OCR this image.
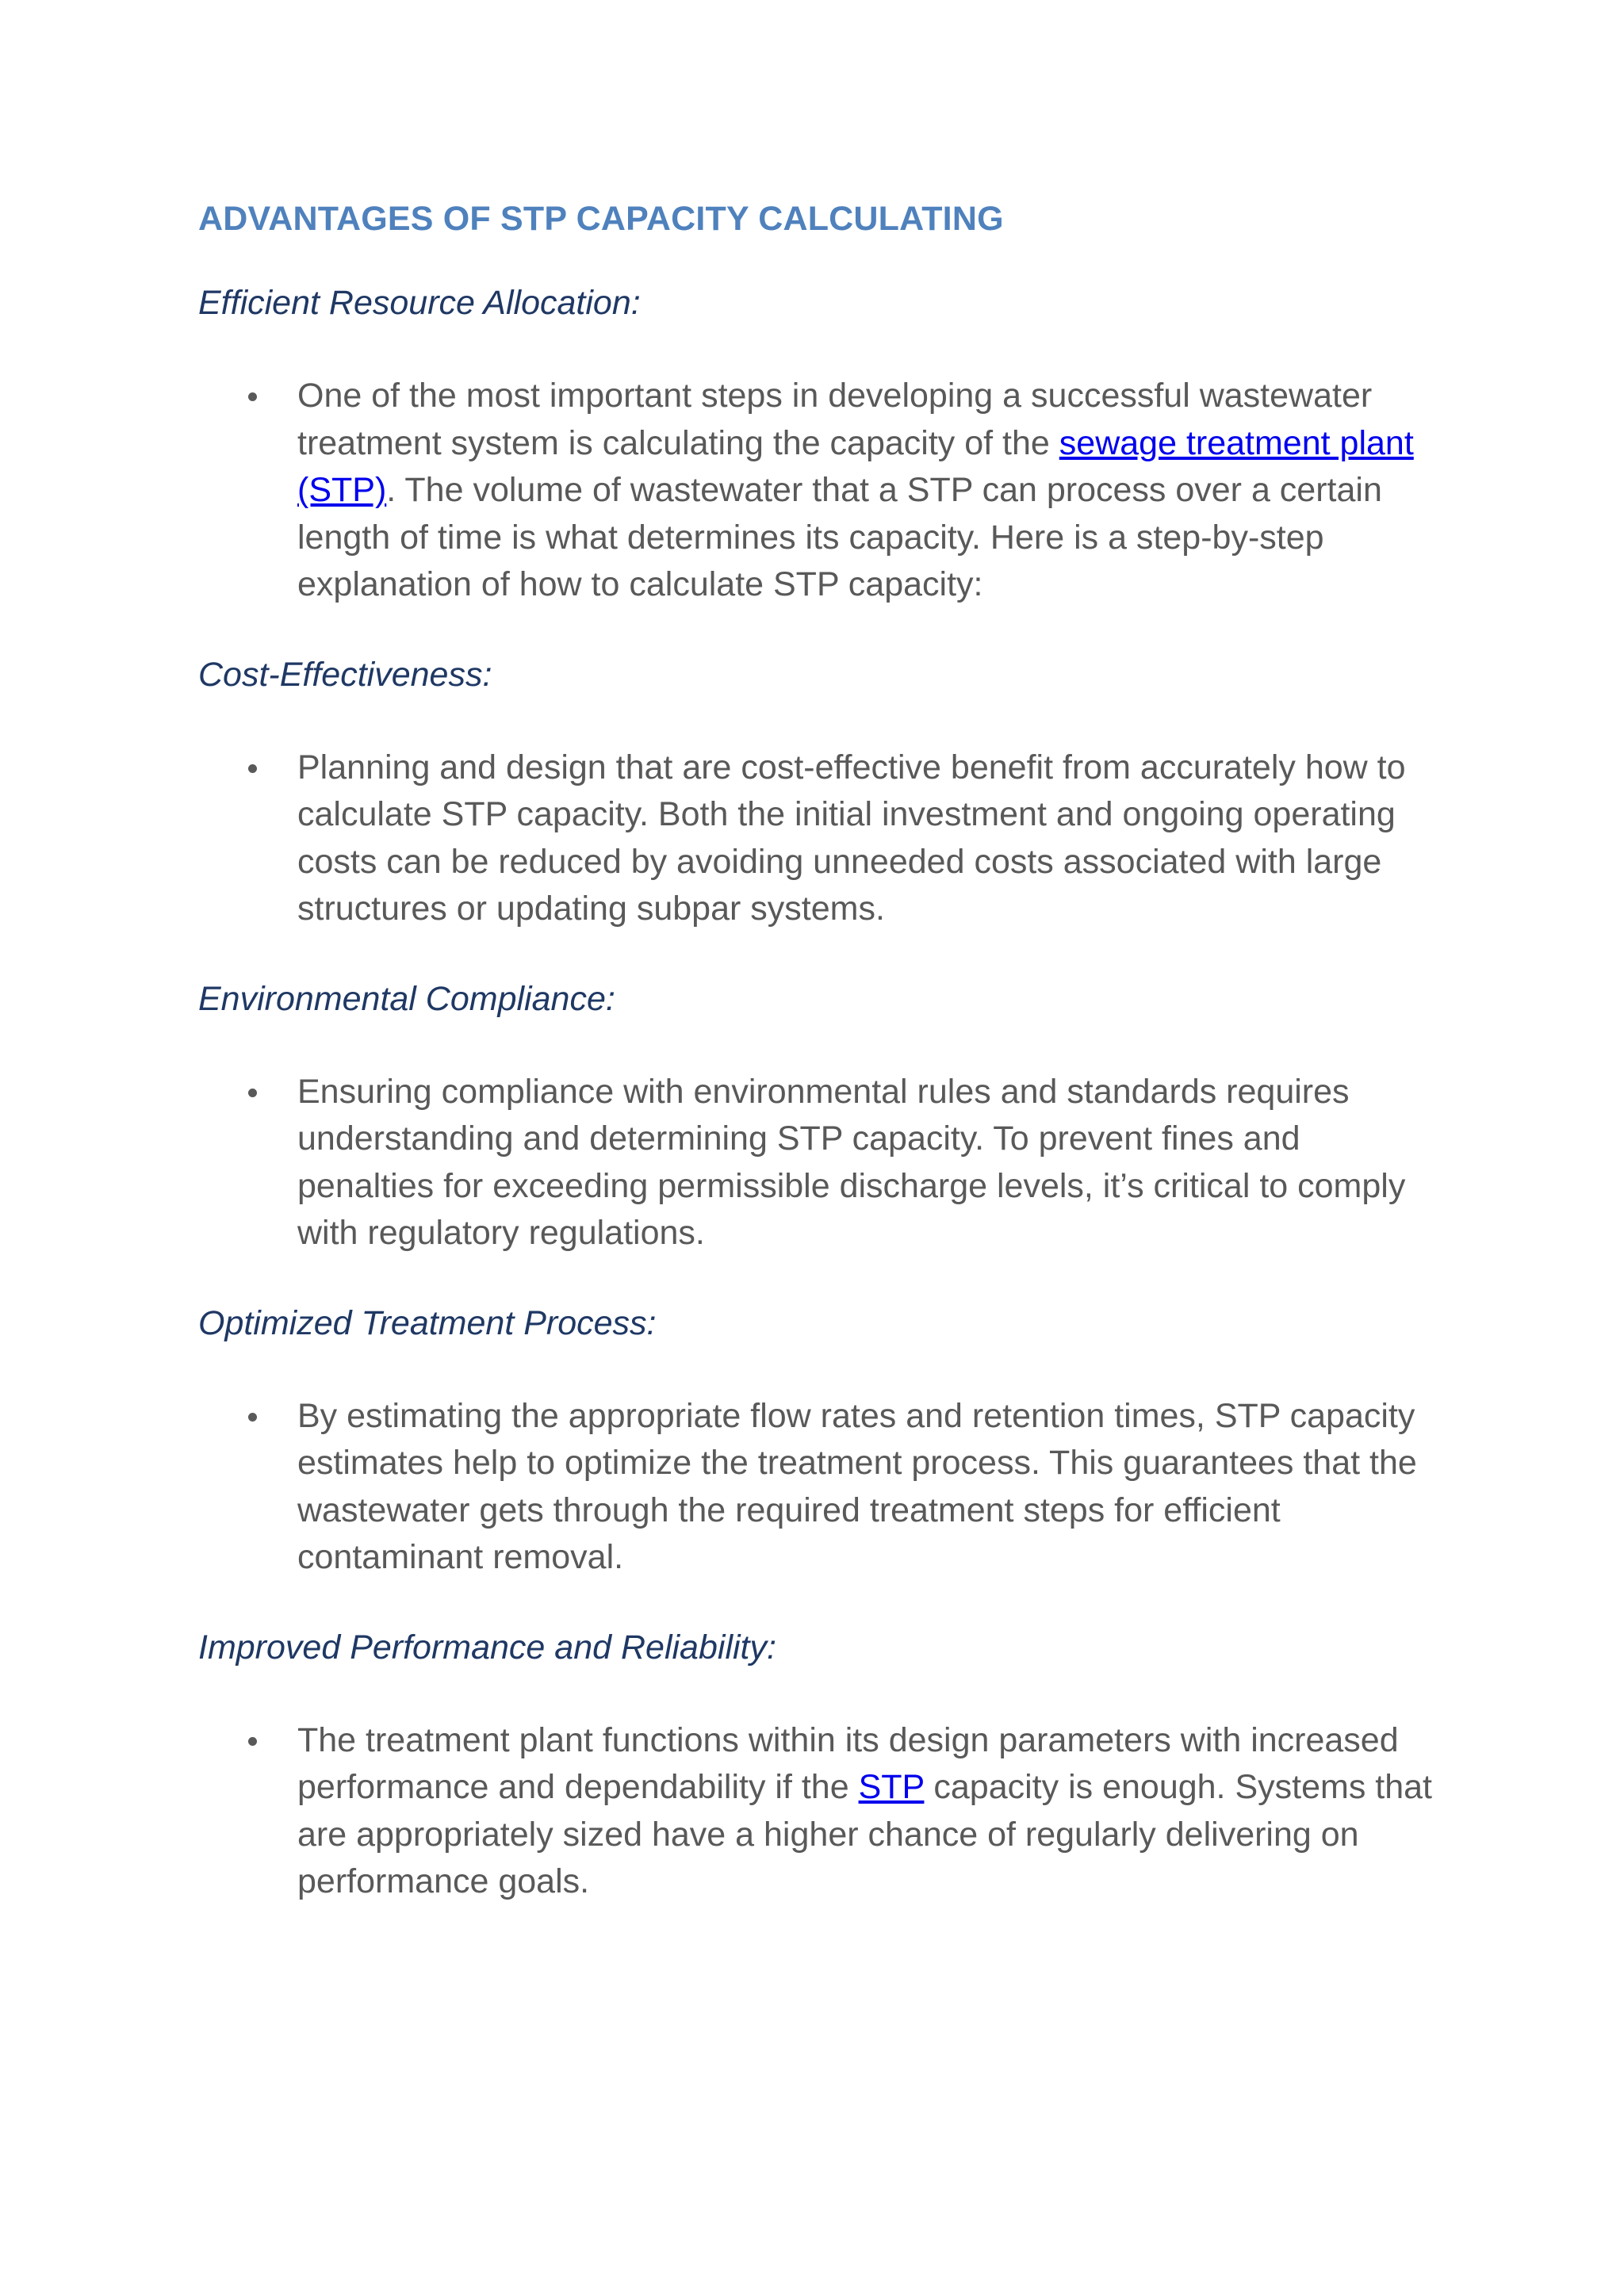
ADVANTAGES OF STP CAPACITY CALCULATING
Efficient Resource Allocation:
One of the most important steps in developing a successful wastewater treatment system is calculating the capacity of the sewage treatment plant (STP). The volume of wastewater that a STP can process over a certain length of time is what determines its capacity. Here is a step-by-step explanation of how to calculate STP capacity:
Cost-Effectiveness:
Planning and design that are cost-effective benefit from accurately how to calculate STP capacity. Both the initial investment and ongoing operating costs can be reduced by avoiding unneeded costs associated with large structures or updating subpar systems.
Environmental Compliance:
Ensuring compliance with environmental rules and standards requires understanding and determining STP capacity. To prevent fines and penalties for exceeding permissible discharge levels, it’s critical to comply with regulatory regulations.
Optimized Treatment Process:
By estimating the appropriate flow rates and retention times, STP capacity estimates help to optimize the treatment process. This guarantees that the wastewater gets through the required treatment steps for efficient contaminant removal.
Improved Performance and Reliability:
The treatment plant functions within its design parameters with increased performance and dependability if the STP capacity is enough. Systems that are appropriately sized have a higher chance of regularly delivering on performance goals.
